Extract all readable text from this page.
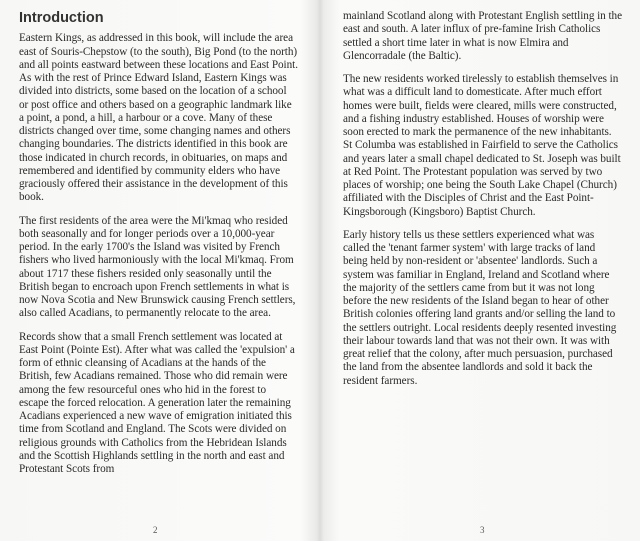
Introduction

Eastern Kings, as addressed in this book, will include the area east of Souris-Chepstow (to the south), Big Pond (to the north) and all points eastward between these locations and East Point. As with the rest of Prince Edward Island, Eastern Kings was divided into districts, some based on the location of a school or post office and others based on a geographic landmark like a point, a pond, a hill, a harbour or a cove. Many of these districts changed over time, some changing names and others changing boundaries. The districts identified in this book are those indicated in church records, in obituaries, on maps and remembered and identified by community elders who have graciously offered their assistance in the development of this book.

The first residents of the area were the Mi'kmaq who resided both seasonally and for longer periods over a 10,000-year period. In the early 1700's the Island was visited by French fishers who lived harmoniously with the local Mi'kmaq. From about 1717 these fishers resided only seasonally until the British began to encroach upon French settlements in what is now Nova Scotia and New Brunswick causing French settlers, also called Acadians, to permanently relocate to the area.

Records show that a small French settlement was located at East Point (Pointe Est). After what was called the 'expulsion' a form of ethnic cleansing of Acadians at the hands of the British, few Acadians remained. Those who did remain were among the few resourceful ones who hid in the forest to escape the forced relocation. A generation later the remaining Acadians experienced a new wave of emigration initiated this time from Scotland and England. The Scots were divided on religious grounds with Catholics from the Hebridean Islands and the Scottish Highlands settling in the north and east and Protestant Scots from

2

mainland Scotland along with Protestant English settling in the east and south. A later influx of pre-famine Irish Catholics settled a short time later in what is now Elmira and Glencorradale (the Baltic).

The new residents worked tirelessly to establish themselves in what was a difficult land to domesticate. After much effort homes were built, fields were cleared, mills were constructed, and a fishing industry established. Houses of worship were soon erected to mark the permanence of the new inhabitants. St Columba was established in Fairfield to serve the Catholics and years later a small chapel dedicated to St. Joseph was built at Red Point. The Protestant population was served by two places of worship; one being the South Lake Chapel (Church) affiliated with the Disciples of Christ and the East Point-Kingsborough (Kingsboro) Baptist Church.

Early history tells us these settlers experienced what was called the 'tenant farmer system' with large tracks of land being held by non-resident or 'absentee' landlords. Such a system was familiar in England, Ireland and Scotland where the majority of the settlers came from but it was not long before the new residents of the Island began to hear of other British colonies offering land grants and/or selling the land to the settlers outright. Local residents deeply resented investing their labour towards land that was not their own. It was with great relief that the colony, after much persuasion, purchased the land from the absentee landlords and sold it back the resident farmers.

3
